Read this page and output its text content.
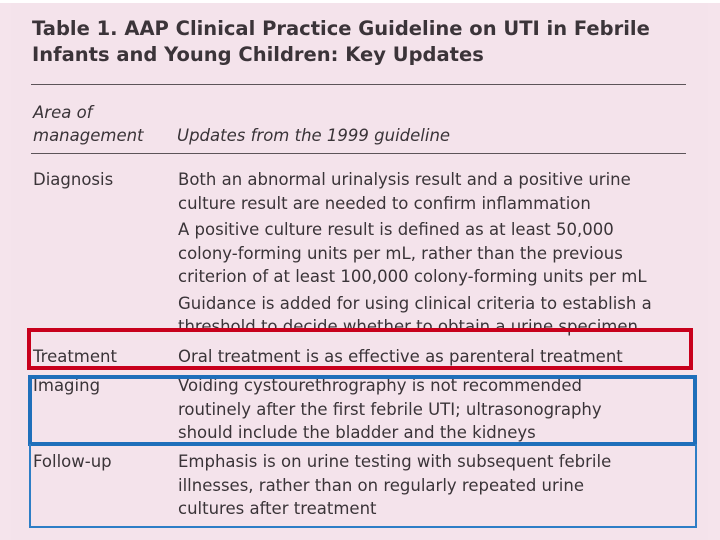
Table 1. AAP Clinical Practice Guideline on UTI in Febrile
Infants and Young Children: Key Updates
Area of
management	Updates from the 1999 guideline
Diagnosis	Both an abnormal urinalysis result and a positive urine
culture result are needed to confirm inflammation
A positive culture result is defined as at least 50,000
colony-forming units per mL, rather than the previous
criterion of at least 100,000 colony-forming units per mL
Guidance is added for using clinical criteria to establish a
threshold to decide whether to obtain a urine specimen
Treatment	Oral treatment is as effective as parenteral treatment
Imaging	Voiding cystourethrography is not recommended
routinely after the first febrile UTI; ultrasonography
should include the bladder and the kidneys
Follow-up	Emphasis is on urine testing with subsequent febrile
illnesses, rather than on regularly repeated urine
cultures after treatment
